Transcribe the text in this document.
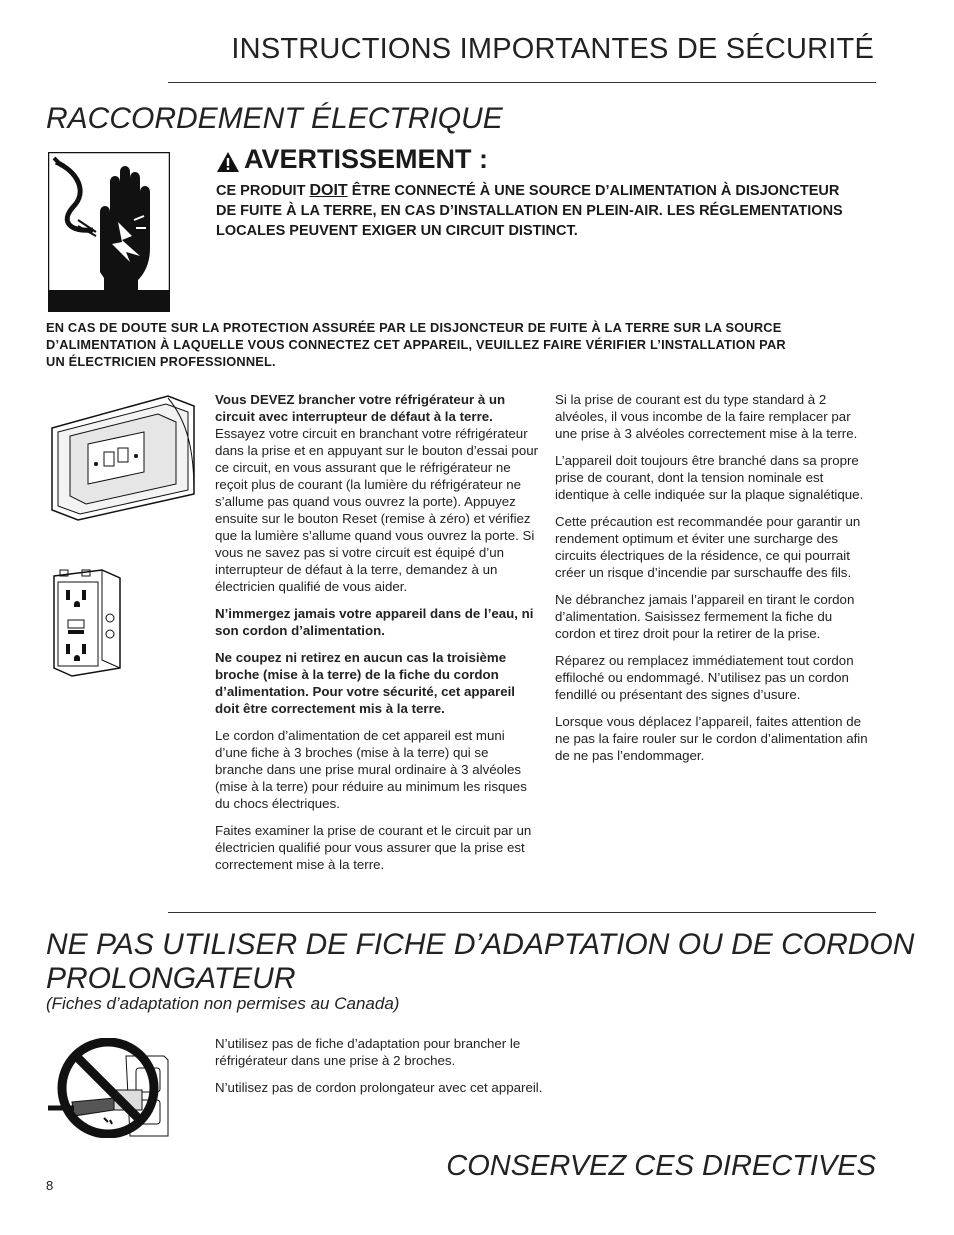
INSTRUCTIONS IMPORTANTES DE SÉCURITÉ
RACCORDEMENT ÉLECTRIQUE
AVERTISSEMENT :
CE PRODUIT DOIT ÊTRE CONNECTÉ À UNE SOURCE D’ALIMENTATION À DISJONCTEUR
DE FUITE À LA TERRE, EN CAS D’INSTALLATION EN PLEIN-AIR. LES RÉGLEMENTATIONS
LOCALES PEUVENT EXIGER UN CIRCUIT DISTINCT.
EN CAS DE DOUTE SUR LA PROTECTION ASSURÉE PAR LE DISJONCTEUR DE FUITE À LA TERRE SUR LA SOURCE
D’ALIMENTATION À LAQUELLE VOUS CONNECTEZ CET APPAREIL, VEUILLEZ FAIRE VÉRIFIER L’INSTALLATION PAR
UN ÉLECTRICIEN PROFESSIONNEL.

Vous DEVEZ brancher votre réfrigérateur à un circuit avec interrupteur de défaut à la terre. Essayez votre circuit en branchant votre réfrigérateur dans la prise et en appuyant sur le bouton d’essai pour ce circuit, en vous assurant que le réfrigérateur ne reçoit plus de courant (la lumière du réfrigérateur ne s’allume pas quand vous ouvrez la porte). Appuyez ensuite sur le bouton Reset (remise à zéro) et vérifiez que la lumière s’allume quand vous ouvrez la porte. Si vous ne savez pas si votre circuit est équipé d’un interrupteur de défaut à la terre, demandez à un électricien qualifié de vous aider.

N’immergez jamais votre appareil dans de l’eau, ni son cordon d’alimentation.

Ne coupez ni retirez en aucun cas la troisième broche (mise à la terre) de la fiche du cordon d’alimentation. Pour votre sécurité, cet appareil doit être correctement mis à la terre.

Le cordon d’alimentation de cet appareil est muni d’une fiche à 3 broches (mise à la terre) qui se branche dans une prise mural ordinaire à 3 alvéoles (mise à la terre) pour réduire au minimum les risques du chocs électriques.

Faites examiner la prise de courant et le circuit par un électricien qualifié pour vous assurer que la prise est correctement mise à la terre.

Si la prise de courant est du type standard à 2 alvéoles, il vous incombe de la faire remplacer par une prise à 3 alvéoles correctement mise à la terre.

L’appareil doit toujours être branché dans sa propre prise de courant, dont la tension nominale est identique à celle indiquée sur la plaque signalétique.

Cette précaution est recommandée pour garantir un rendement optimum et éviter une surcharge des circuits électriques de la résidence, ce qui pourrait créer un risque d’incendie par surschauffe des fils.

Ne débranchez jamais l’appareil en tirant le cordon d’alimentation. Saisissez fermement la fiche du cordon et tirez droit pour la retirer de la prise.

Réparez ou remplacez immédiatement tout cordon effiloché ou endommagé. N’utilisez pas un cordon fendillé ou présentant des signes d’usure.

Lorsque vous déplacez l’appareil, faites attention de ne pas la faire rouler sur le cordon d’alimentation afin de ne pas l’endommager.

NE PAS UTILISER DE FICHE D’ADAPTATION OU DE CORDON
PROLONGATEUR
(Fiches d’adaptation non permises au Canada)

N’utilisez pas de fiche d’adaptation pour brancher le réfrigérateur dans une prise à 2 broches.

N’utilisez pas de cordon prolongateur avec cet appareil.

CONSERVEZ CES DIRECTIVES
8
